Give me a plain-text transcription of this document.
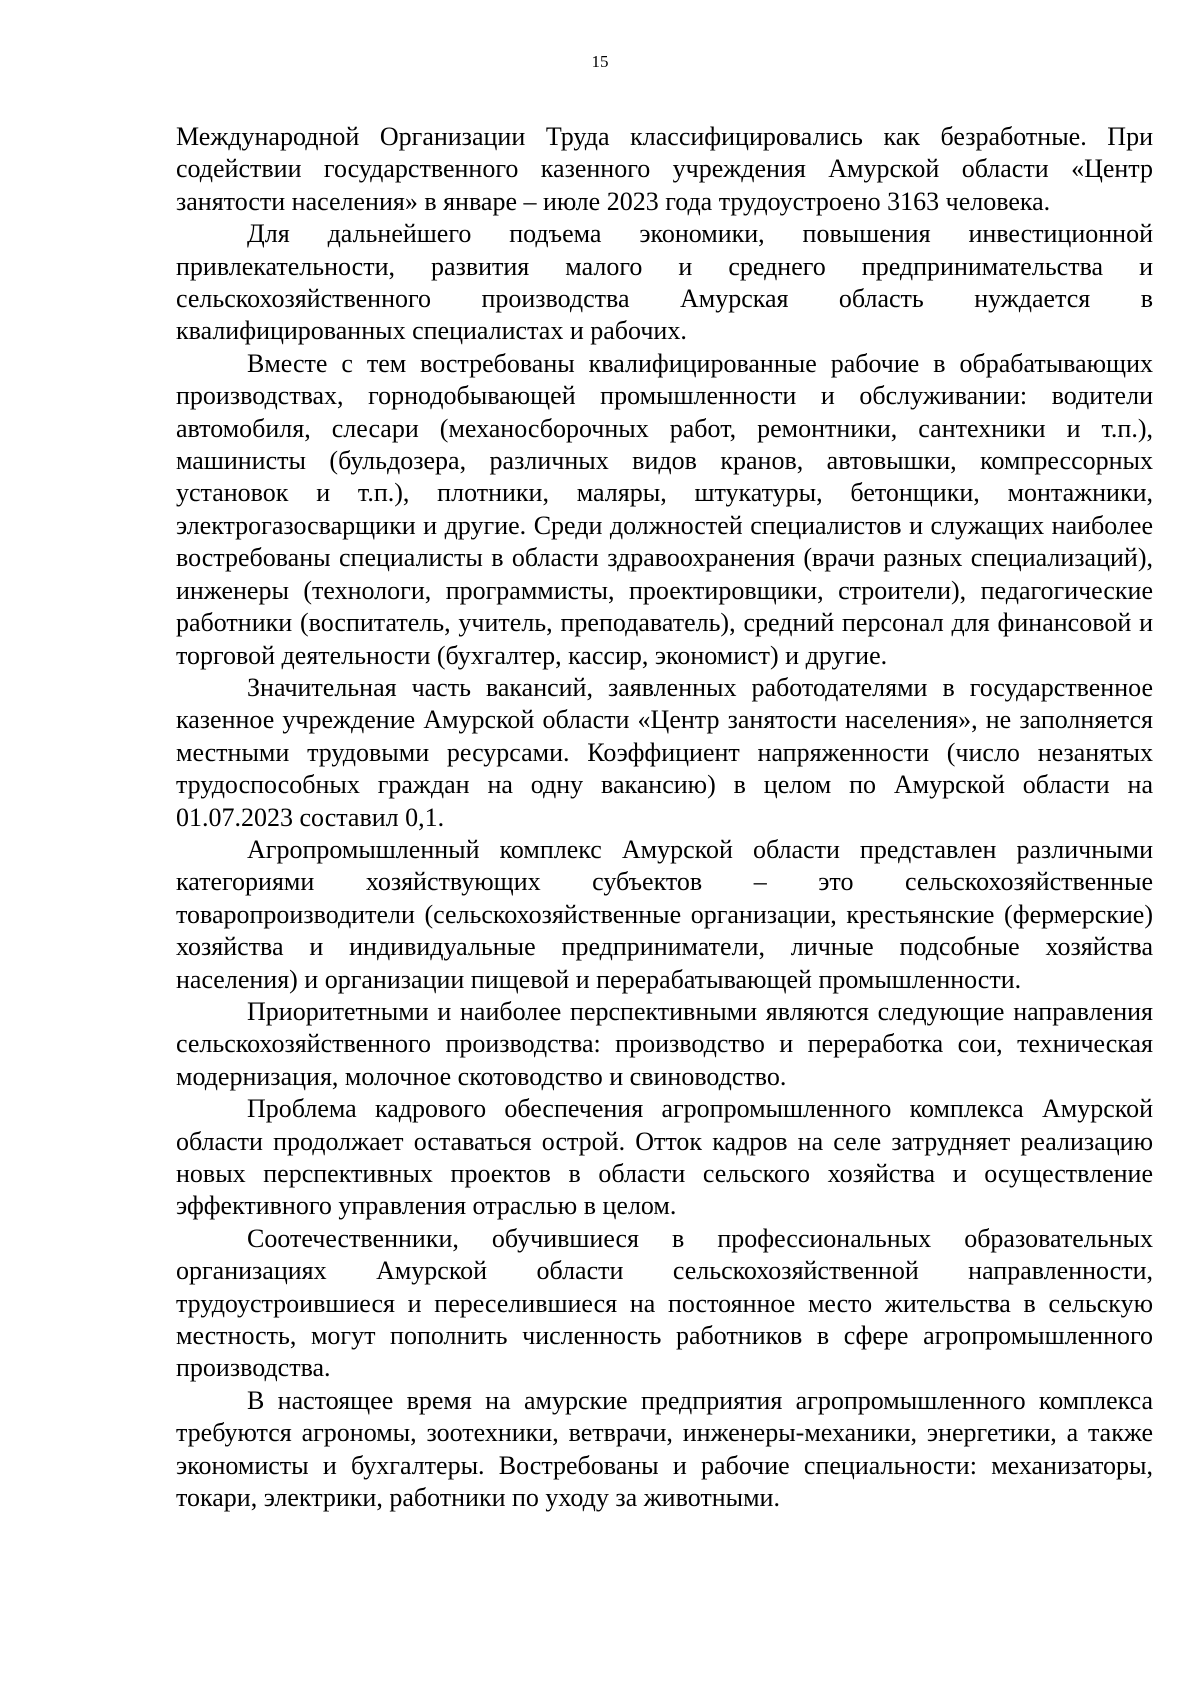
15

Международной Организации Труда классифицировались как безработные. При содействии государственного казенного учреждения Амурской области «Центр занятости населения» в январе – июле 2023 года трудоустроено 3163 человека.

Для дальнейшего подъема экономики, повышения инвестиционной привлекательности, развития малого и среднего предпринимательства и сельскохозяйственного производства Амурская область нуждается в квалифицированных специалистах и рабочих.

Вместе с тем востребованы квалифицированные рабочие в обрабатывающих производствах, горнодобывающей промышленности и обслуживании: водители автомобиля, слесари (механосборочных работ, ремонтники, сантехники и т.п.), машинисты (бульдозера, различных видов кранов, автовышки, компрессорных установок и т.п.), плотники, маляры, штукатуры, бетонщики, монтажники, электрогазосварщики и другие. Среди должностей специалистов и служащих наиболее востребованы специалисты в области здравоохранения (врачи разных специализаций), инженеры (технологи, программисты, проектировщики, строители), педагогические работники (воспитатель, учитель, преподаватель), средний персонал для финансовой и торговой деятельности (бухгалтер, кассир, экономист) и другие.

Значительная часть вакансий, заявленных работодателями в государственное казенное учреждение Амурской области «Центр занятости населения», не заполняется местными трудовыми ресурсами. Коэффициент напряженности (число незанятых трудоспособных граждан на одну вакансию) в целом по Амурской области на 01.07.2023 составил 0,1.

Агропромышленный комплекс Амурской области представлен различными категориями хозяйствующих субъектов – это сельскохозяйственные товаропроизводители (сельскохозяйственные организации, крестьянские (фермерские) хозяйства и индивидуальные предприниматели, личные подсобные хозяйства населения) и организации пищевой и перерабатывающей промышленности.

Приоритетными и наиболее перспективными являются следующие направления сельскохозяйственного производства: производство и переработка сои, техническая модернизация, молочное скотоводство и свиноводство.

Проблема кадрового обеспечения агропромышленного комплекса Амурской области продолжает оставаться острой. Отток кадров на селе затрудняет реализацию новых перспективных проектов в области сельского хозяйства и осуществление эффективного управления отраслью в целом.

Соотечественники, обучившиеся в профессиональных образовательных организациях Амурской области сельскохозяйственной направленности, трудоустроившиеся и переселившиеся на постоянное место жительства в сельскую местность, могут пополнить численность работников в сфере агропромышленного производства.

В настоящее время на амурские предприятия агропромышленного комплекса требуются агрономы, зоотехники, ветврачи, инженеры-механики, энергетики, а также экономисты и бухгалтеры. Востребованы и рабочие специальности: механизаторы, токари, электрики, работники по уходу за животными.
